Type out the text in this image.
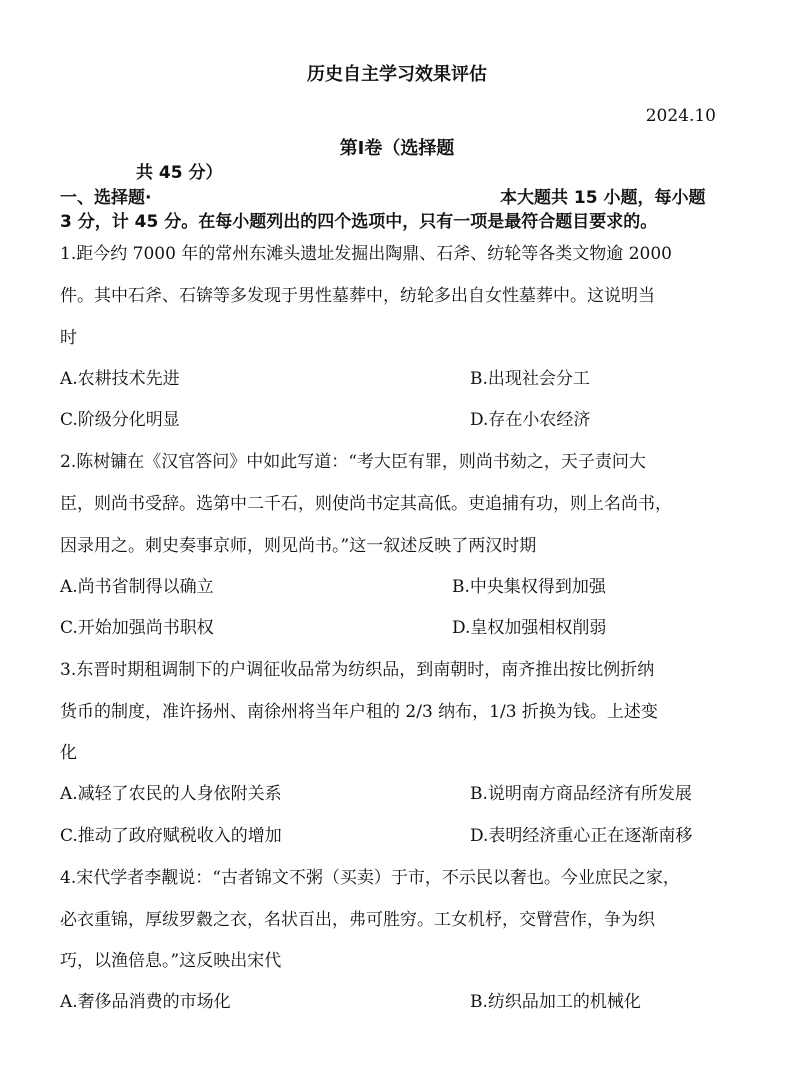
历史自主学习效果评估
2024.10
第Ⅰ卷（选择题
共 45 分）
一、选择题·	本大题共 15 小题，每小题
3 分，计 45 分。在每小题列出的四个选项中，只有一项是最符合题目要求的。
1.距今约 7000 年的常州东滩头遗址发掘出陶鼎、石斧、纺轮等各类文物逾 2000
件。其中石斧、石锛等多发现于男性墓葬中，纺轮多出自女性墓葬中。这说明当
时
A.农耕技术先进	B.出现社会分工
C.阶级分化明显	D.存在小农经济
2.陈树镛在《汉官答问》中如此写道：“考大臣有罪，则尚书劾之，天子责问大
臣，则尚书受辞。选第中二千石，则使尚书定其高低。吏追捕有功，则上名尚书，
因录用之。刺史奏事京师，则见尚书。”这一叙述反映了两汉时期
A.尚书省制得以确立	B.中央集权得到加强
C.开始加强尚书职权	D.皇权加强相权削弱
3.东晋时期租调制下的户调征收品常为纺织品，到南朝时，南齐推出按比例折纳
货币的制度，准许扬州、南徐州将当年户租的 2/3 纳布，1/3 折换为钱。上述变
化
A.减轻了农民的人身依附关系	B.说明南方商品经济有所发展
C.推动了政府赋税收入的增加	D.表明经济重心正在逐渐南移
4.宋代学者李觏说：“古者锦文不粥（买卖）于市，不示民以奢也。今业庶民之家，
必衣重锦，厚绂罗縠之衣，名状百出，弗可胜穷。工女机杼，交臂营作，争为织
巧，以渔倍息。”这反映出宋代
A.奢侈品消费的市场化	B.纺织品加工的机械化
